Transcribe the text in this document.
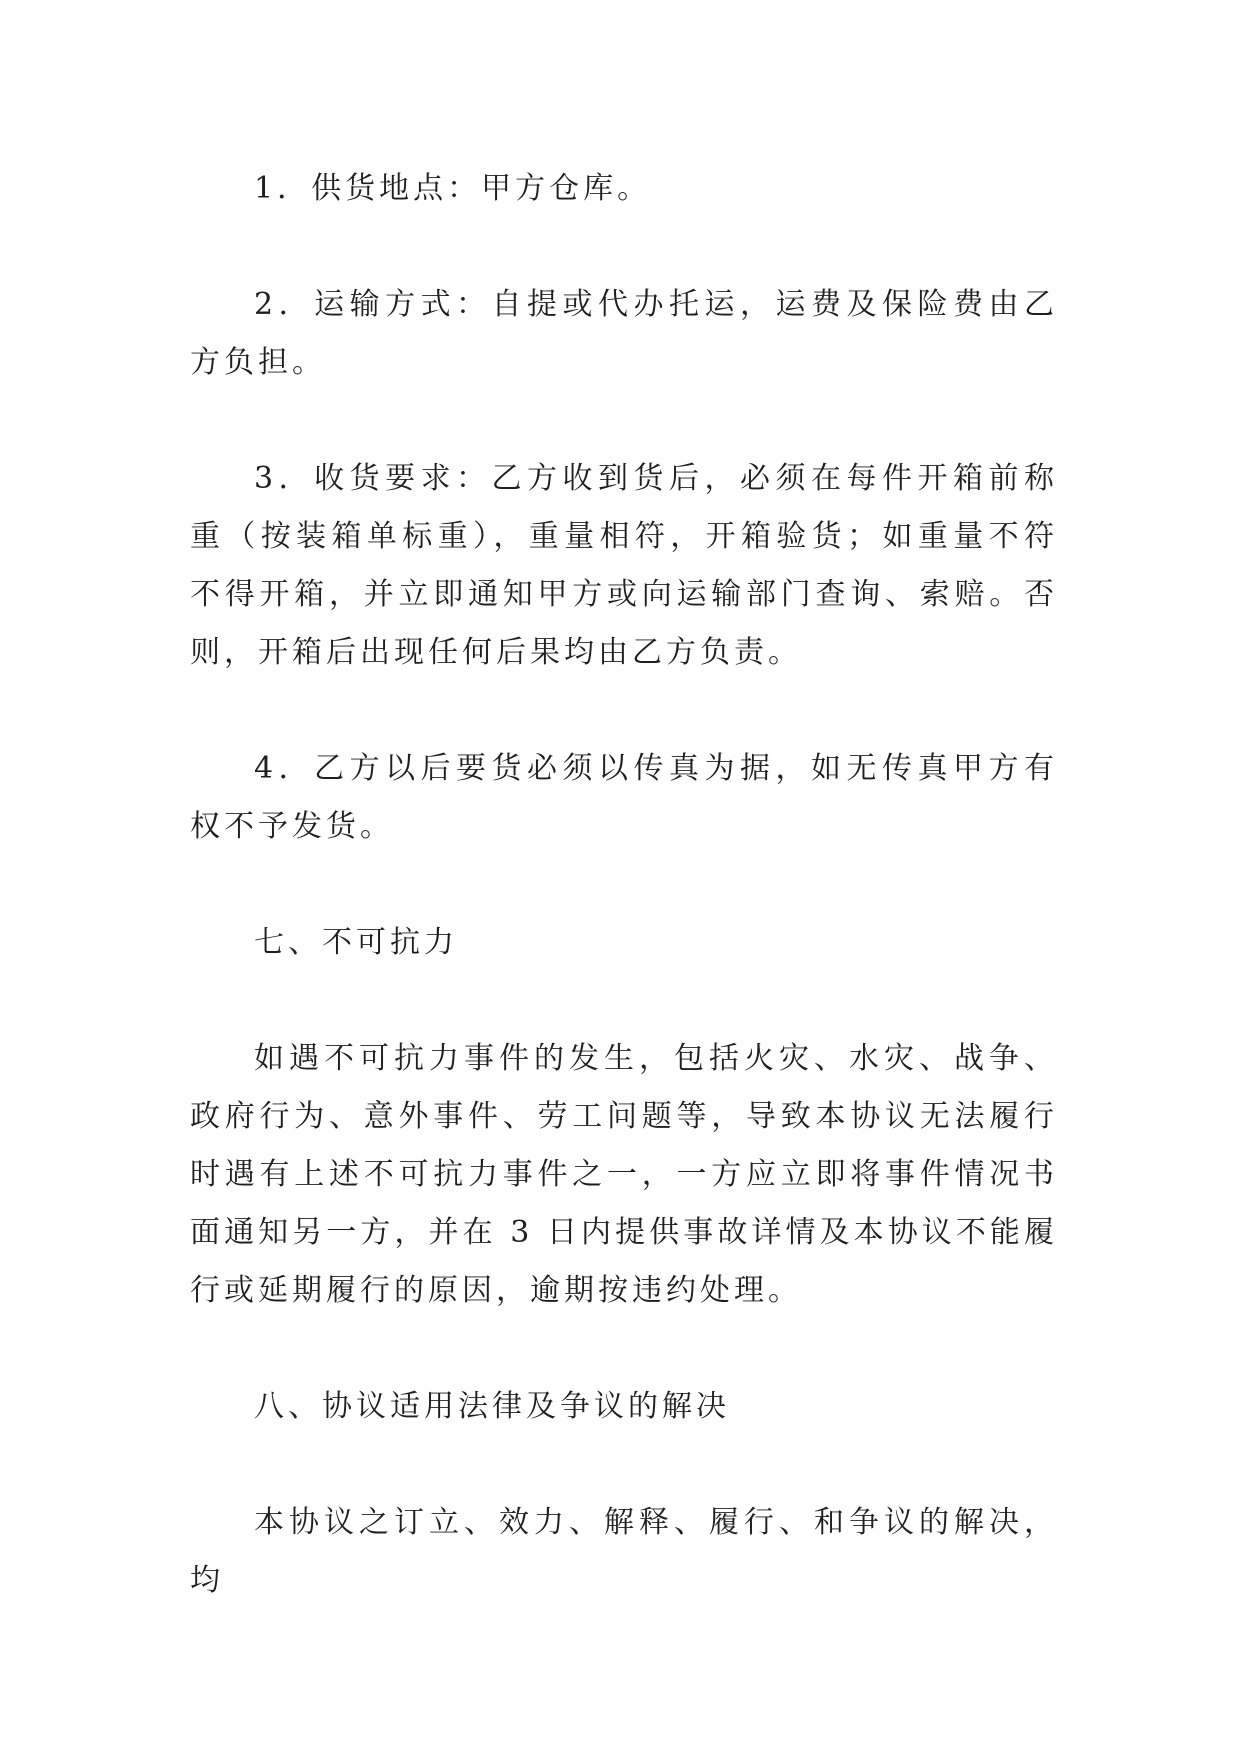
1．供货地点：甲方仓库。

2．运输方式：自提或代办托运，运费及保险费由乙方负担。

3．收货要求：乙方收到货后，必须在每件开箱前称重（按装箱单标重），重量相符，开箱验货；如重量不符不得开箱，并立即通知甲方或向运输部门查询、索赔。否则，开箱后出现任何后果均由乙方负责。

4．乙方以后要货必须以传真为据，如无传真甲方有权不予发货。

七、不可抗力

如遇不可抗力事件的发生，包括火灾、水灾、战争、政府行为、意外事件、劳工问题等，导致本协议无法履行时遇有上述不可抗力事件之一，一方应立即将事件情况书面通知另一方，并在 3 日内提供事故详情及本协议不能履行或延期履行的原因，逾期按违约处理。

八、协议适用法律及争议的解决

本协议之订立、效力、解释、履行、和争议的解决，均
